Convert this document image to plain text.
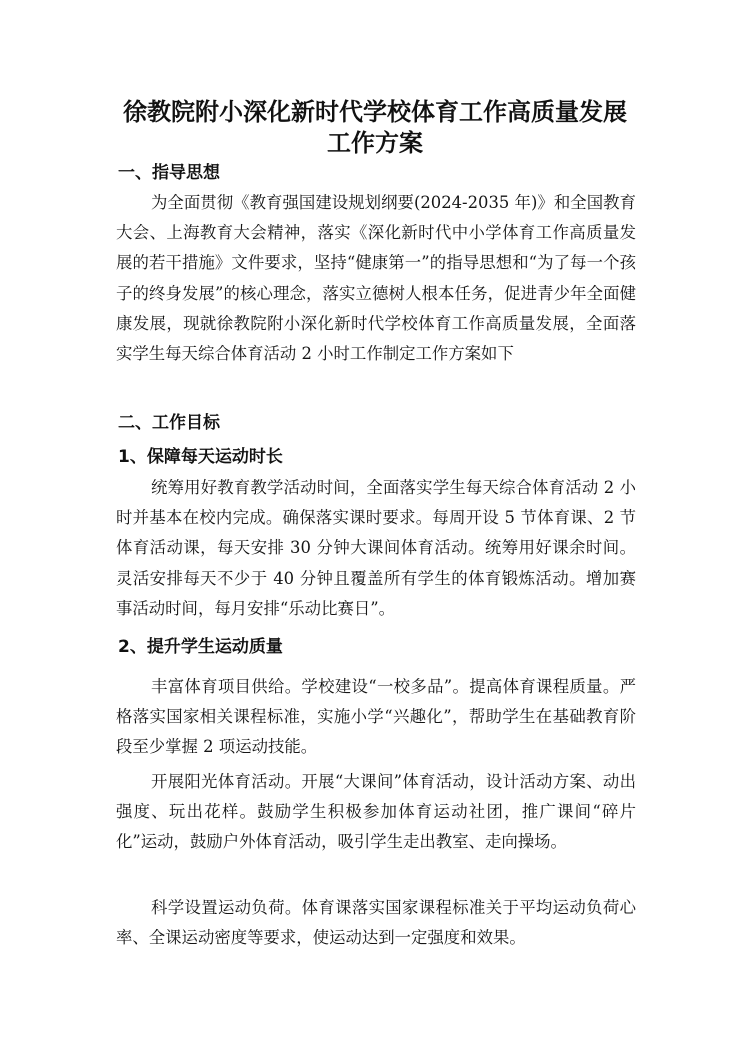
徐教院附小深化新时代学校体育工作高质量发展
工作方案
一、指导思想

为全面贯彻《教育强国建设规划纲要(2024-2035 年)》和全国教育大会、上海教育大会精神，落实《深化新时代中小学体育工作高质量发展的若干措施》文件要求，坚持“健康第一”的指导思想和“为了每一个孩子的终身发展”的核心理念，落实立德树人根本任务，促进青少年全面健康发展，现就徐教院附小深化新时代学校体育工作高质量发展，全面落实学生每天综合体育活动 2 小时工作制定工作方案如下

二、工作目标
1、保障每天运动时长

统筹用好教育教学活动时间，全面落实学生每天综合体育活动 2 小时并基本在校内完成。确保落实课时要求。每周开设 5 节体育课、2 节体育活动课，每天安排 30 分钟大课间体育活动。统筹用好课余时间。灵活安排每天不少于 40 分钟且覆盖所有学生的体育锻炼活动。增加赛事活动时间，每月安排“乐动比赛日”。

2、提升学生运动质量

丰富体育项目供给。学校建设“一校多品”。提高体育课程质量。严格落实国家相关课程标准，实施小学“兴趣化”，帮助学生在基础教育阶段至少掌握 2 项运动技能。

开展阳光体育活动。开展“大课间”体育活动，设计活动方案、动出强度、玩出花样。鼓励学生积极参加体育运动社团，推广课间“碎片化”运动，鼓励户外体育活动，吸引学生走出教室、走向操场。

科学设置运动负荷。体育课落实国家课程标准关于平均运动负荷心率、全课运动密度等要求，使运动达到一定强度和效果。
